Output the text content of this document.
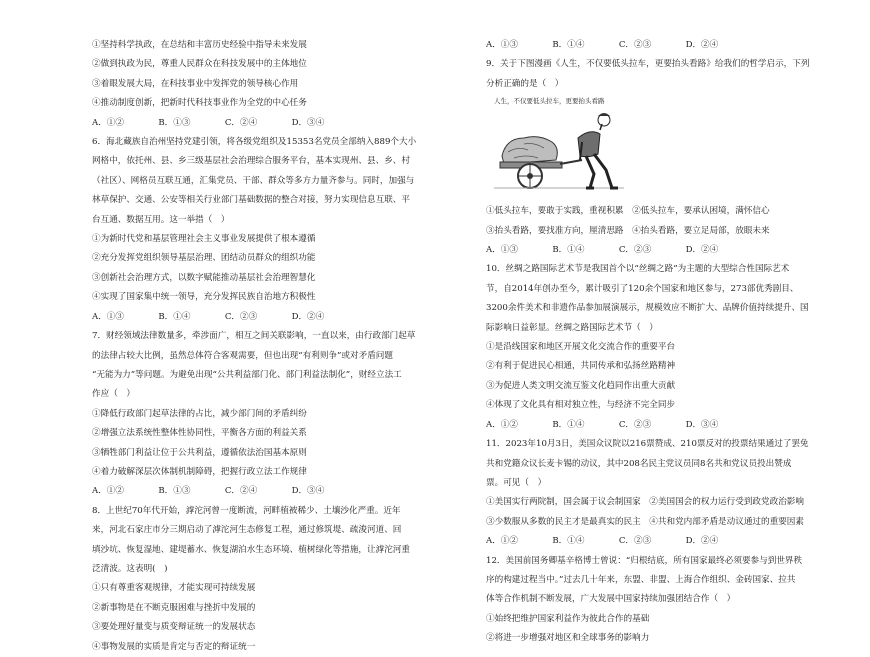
①坚持科学执政，在总结和丰富历史经验中指导未来发展
②做到执政为民，尊重人民群众在科技发展中的主体地位
③着眼发展大局，在科技事业中发挥党的领导核心作用
④推动制度创新，把新时代科技事业作为全党的中心任务
A．①②　　　　B．①③　　　　C．②④　　　　D．③④
6．海北藏族自治州坚持党建引领，将各级党组织及15353名党员全部纳入889个大小
网格中，依托州、县、乡三级基层社会治理综合服务平台，基本实现州、县、乡、村
（社区）、网格员互联互通，汇集党员、干部、群众等多方力量齐参与。同时，加强与
林草保护、交通、公安等相关行业部门基础数据的整合对接，努力实现信息互联、平
台互通、数据互用。这一举措（　）
①为新时代党和基层管理社会主义事业发展提供了根本遵循
②充分发挥党组织领导基层治理、团结动员群众的组织功能
③创新社会治理方式，以数字赋能推动基层社会治理智慧化
④实现了国家集中统一领导，充分发挥民族自治地方积极性
A．①③　　　　B．①④　　　　C．②③　　　　D．②④
7．财经领域法律数量多，牵涉面广，相互之间关联影响，一直以来，由行政部门起草
的法律占较大比例，虽然总体符合客观需要，但也出现“有利则争”或对矛盾问题
“无能为力”等问题。为避免出现“公共利益部门化、部门利益法制化”，财经立法工
作应（　）
①降低行政部门起草法律的占比，减少部门间的矛盾纠纷
②增强立法系统性整体性协同性，平衡各方面的利益关系
③牺牲部门利益让位于公共利益，遵循依法治国基本原则
④着力破解深层次体制机制障碍，把握行政立法工作规律
A．①②　　　　B．①③　　　　C．②④　　　　D．③④
8．上世纪70年代开始，滹沱河曾一度断流，河畔植被稀少、土壤沙化严重。近年
来，河北石家庄市分三期启动了滹沱河生态修复工程，通过修筑堤、疏浚河道、回
填沙坑、恢复湿地、建堤蓄水、恢复湖泊水生态环境、植树绿化等措施，让滹沱河重
泛清波。这表明(　)
①只有尊重客观规律，才能实现可持续发展
②新事物是在不断克服困难与挫折中发展的
③要处理好量变与质变辩证统一的发展状态
④事物发展的实质是肯定与否定的辩证统一
A．①③　　　　B．①④　　　　C．②③　　　　D．②④
9．关于下图漫画《人生，不仅要低头拉车，更要抬头看路》给我们的哲学启示，下列
分析正确的是（　）
人生，不仅要低头拉车，更要抬头看路
①低头拉车，要敢于实践，重视积累　②低头拉车，要承认困境，满怀信心
③抬头看路，要找准方向，厘清思路　④抬头看路，要立足局部，放眼未来
A．①③　　　　B．①④　　　　C．②③　　　　D．②④
10．丝绸之路国际艺术节是我国首个以“丝绸之路”为主题的大型综合性国际艺术
节，自2014年创办至今，累计吸引了120余个国家和地区参与，273部优秀剧目、
3200余件美术和非遗作品参加展演展示，规模效应不断扩大、品牌价值持续提升、国
际影响日益彰显。丝绸之路国际艺术节（　）
①是沿线国家和地区开展文化交流合作的重要平台
②有利于促进民心相通，共同传承和弘扬丝路精神
③为促进人类文明交流互鉴文化趋同作出重大贡献
④体现了文化具有相对独立性，与经济不完全同步
A．①②　　　　B．①④　　　　C．②③　　　　D．③④
11．2023年10月3日，美国众议院以216票赞成、210票反对的投票结果通过了罢免
共和党籍众议长麦卡锡的动议，其中208名民主党议员同8名共和党议员投出赞成
票。可见（　）
①美国实行两院制，国会属于议会制国家　②美国国会的权力运行受到政党政治影响
③少数服从多数的民主才是最真实的民主　④共和党内部矛盾是动议通过的重要因素
A．①②　　　　B．①④　　　　C．②③　　　　D．②④
12．美国前国务卿基辛格博士曾说：“归根结底，所有国家最终必须要参与到世界秩
序的构建过程当中。”过去几十年来，东盟、非盟、上海合作组织、金砖国家、拉共
体等合作机制不断发展，广大发展中国家持续加强团结合作（　）
①始终把维护国家利益作为彼此合作的基础
②将进一步增强对地区和全球事务的影响力
